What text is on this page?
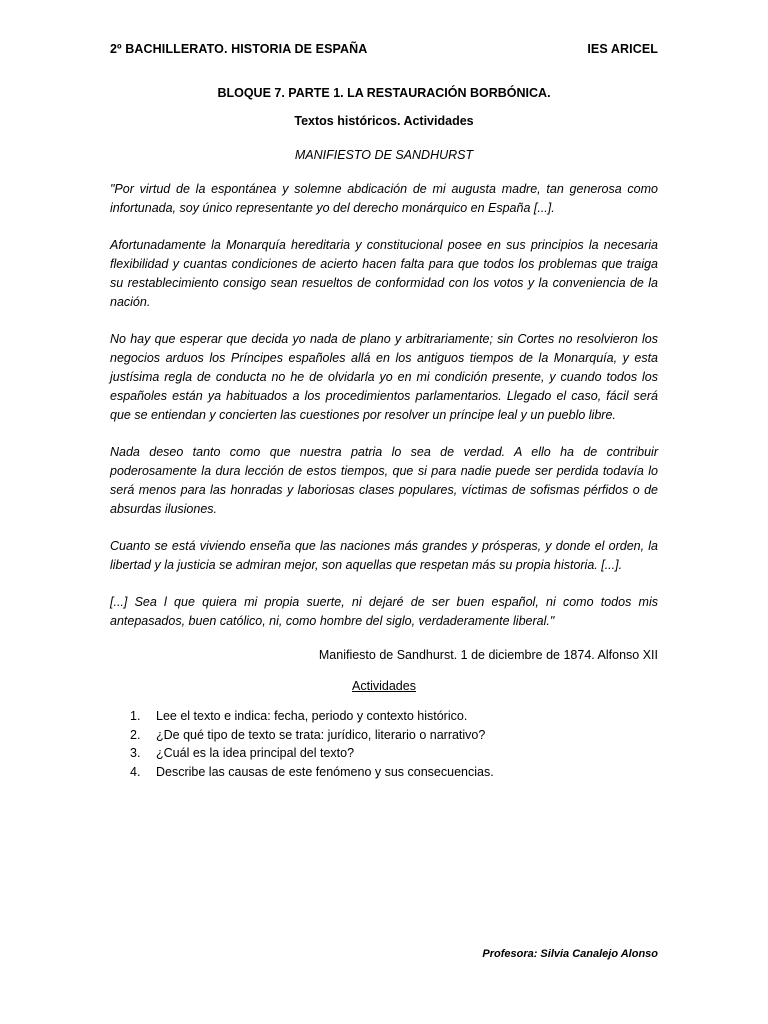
2º BACHILLERATO. HISTORIA DE ESPAÑA	IES ARICEL
BLOQUE 7. PARTE 1. LA RESTAURACIÓN BORBÓNICA.
Textos históricos. Actividades
MANIFIESTO DE SANDHURST

"Por virtud de la espontánea y solemne abdicación de mi augusta madre, tan generosa como infortunada, soy único representante yo del derecho monárquico en España [...].

Afortunadamente la Monarquía hereditaria y constitucional posee en sus principios la necesaria flexibilidad y cuantas condiciones de acierto hacen falta para que todos los problemas que traiga su restablecimiento consigo sean resueltos de conformidad con los votos y la conveniencia de la nación.

No hay que esperar que decida yo nada de plano y arbitrariamente; sin Cortes no resolvieron los negocios arduos los Príncipes españoles allá en los antiguos tiempos de la Monarquía, y esta justísima regla de conducta no he de olvidarla yo en mi condición presente, y cuando todos los españoles están ya habituados a los procedimientos parlamentarios. Llegado el caso, fácil será que se entiendan y concierten las cuestiones por resolver un príncipe leal y un pueblo libre.

Nada deseo tanto como que nuestra patria lo sea de verdad. A ello ha de contribuir poderosamente la dura lección de estos tiempos, que si para nadie puede ser perdida todavía lo será menos para las honradas y laboriosas clases populares, víctimas de sofismas pérfidos o de absurdas ilusiones.

Cuanto se está viviendo enseña que las naciones más grandes y prósperas, y donde el orden, la libertad y la justicia se admiran mejor, son aquellas que respetan más su propia historia. [...].

[...] Sea l que quiera mi propia suerte, ni dejaré de ser buen español, ni como todos mis antepasados, buen católico, ni, como hombre del siglo, verdaderamente liberal."

Manifiesto de Sandhurst. 1 de diciembre de 1874. Alfonso XII
Actividades
1.	Lee el texto e indica: fecha, periodo y contexto histórico.
2.	¿De qué tipo de texto se trata: jurídico, literario o narrativo?
3.	¿Cuál es la idea principal del texto?
4.	Describe las causas de este fenómeno y sus consecuencias.
Profesora: Silvia Canalejo Alonso
